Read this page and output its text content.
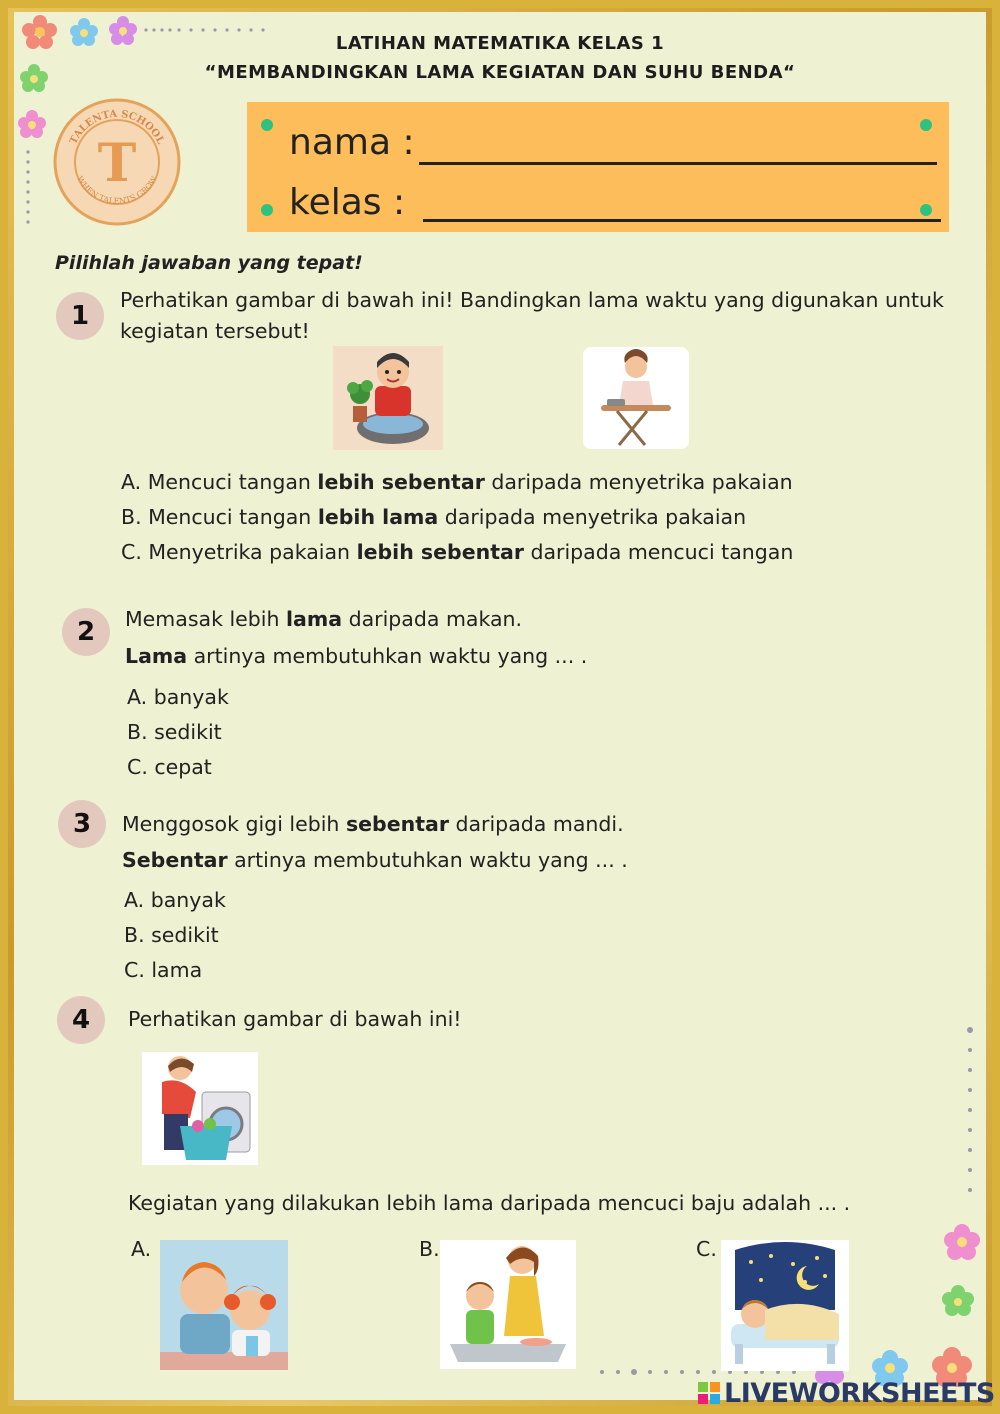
LATIHAN MATEMATIKA KELAS 1
“MEMBANDINGKAN LAMA KEGIATAN DAN SUHU BENDA“
TALENTA SCHOOL
WHEN TALENTS GROW
T	nama :
kelas :
Pilihlah jawaban yang tepat!
1
Perhatikan gambar di bawah ini! Bandingkan lama waktu yang digunakan untuk
kegiatan tersebut!
A. Mencuci tangan lebih sebentar daripada menyetrika pakaian
B. Mencuci tangan lebih lama daripada menyetrika pakaian
C. Menyetrika pakaian lebih sebentar daripada mencuci tangan
2	Memasak lebih lama daripada makan.
Lama artinya membutuhkan waktu yang ... .
A. banyak
B. sedikit
C. cepat
3	Menggosok gigi lebih sebentar daripada mandi.
Sebentar artinya membutuhkan waktu yang ... .
A. banyak
B. sedikit
C. lama
4	Perhatikan gambar di bawah ini!
Kegiatan yang dilakukan lebih lama daripada mencuci baju adalah ... .
A.	B.	C.
LIVEWORKSHEETS
